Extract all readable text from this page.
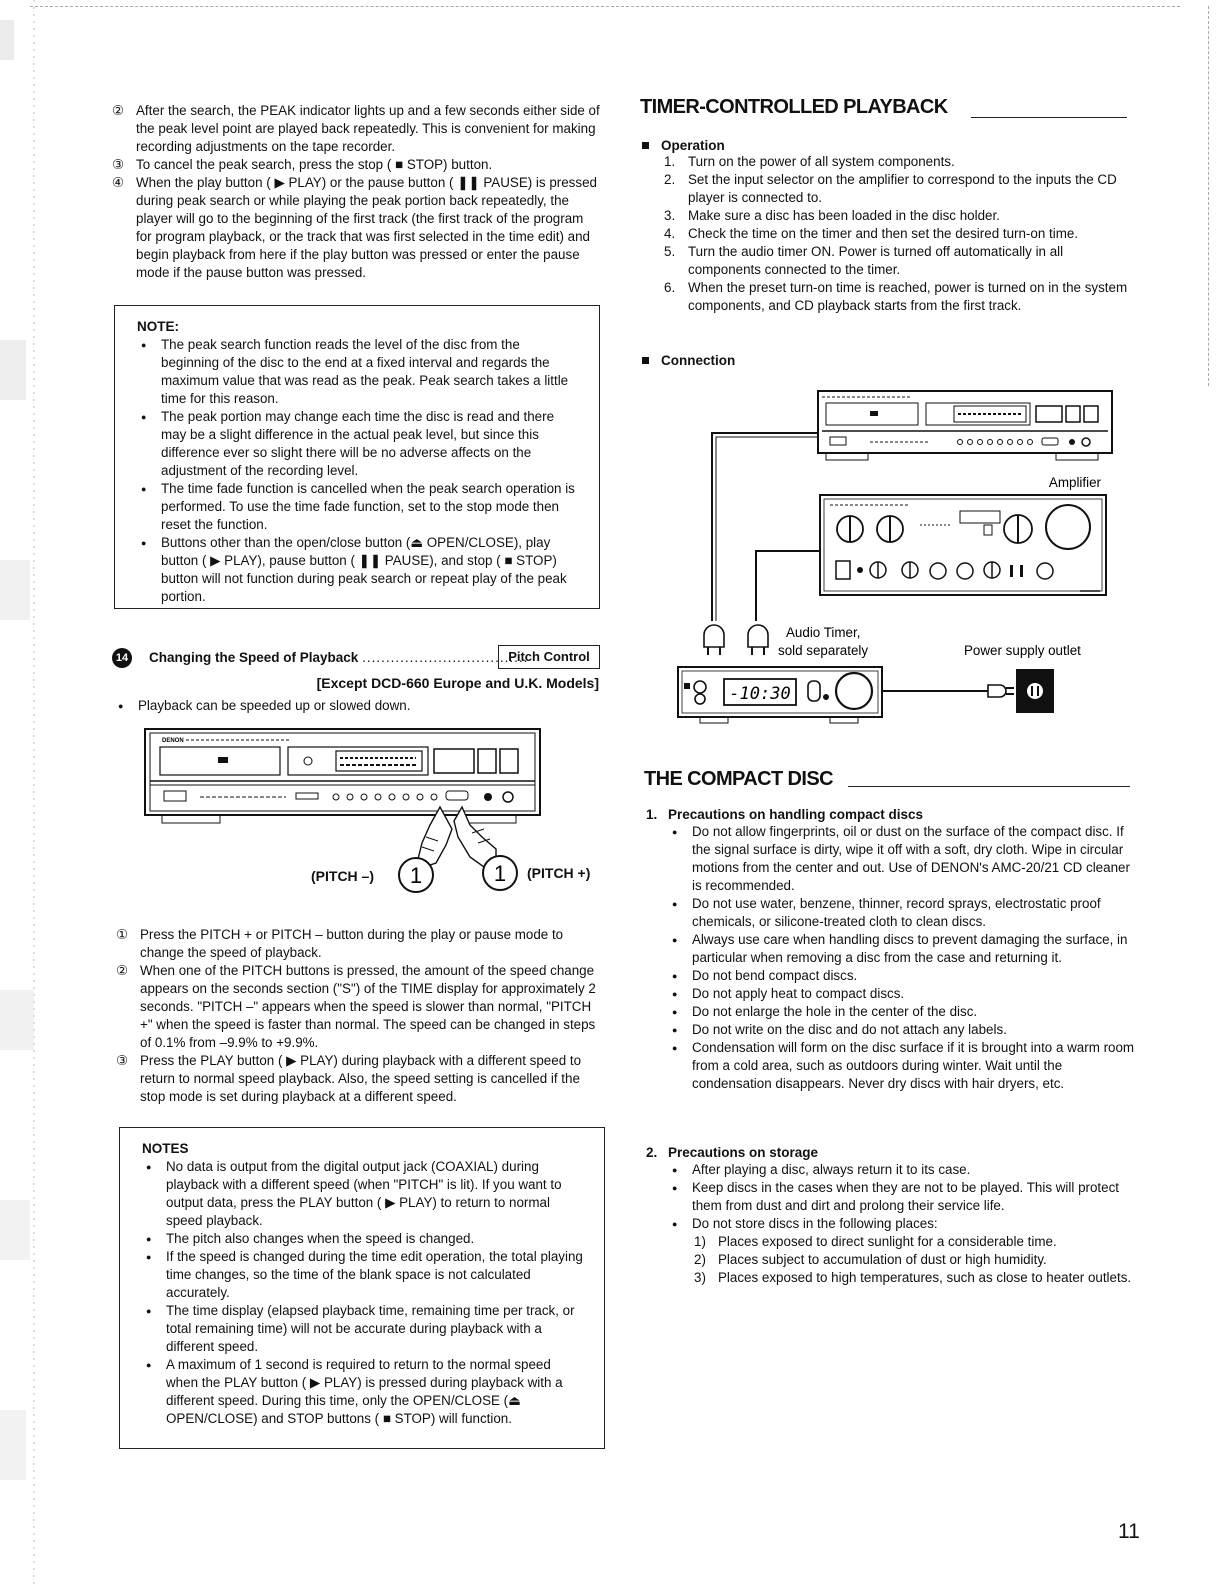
② After the search, the PEAK indicator lights up and a few seconds either side of the peak level point are played back repeatedly. This is convenient for making recording adjustments on the tape recorder.

③ To cancel the peak search, press the stop ( ■ STOP) button.

④ When the play button ( ▶ PLAY) or the pause button ( ❚❚ PAUSE) is pressed during peak search or while playing the peak portion back repeatedly, the player will go to the beginning of the first track (the first track of the program for program playback, or the track that was first selected in the time edit) and begin playback from here if the play button was pressed or enter the pause mode if the pause button was pressed.

NOTE:

● The peak search function reads the level of the disc from the beginning of the disc to the end at a fixed interval and regards the maximum value that was read as the peak. Peak search takes a little time for this reason.

● The peak portion may change each time the disc is read and there may be a slight difference in the actual peak level, but since this difference ever so slight there will be no adverse affects on the adjustment of the recording level.

● The time fade function is cancelled when the peak search operation is performed. To use the time fade function, set to the stop mode then reset the function.

● Buttons other than the open/close button (⏏ OPEN/CLOSE), play button ( ▶ PLAY), pause button ( ❚❚ PAUSE), and stop ( ■ STOP) button will not function during peak search or repeat play of the peak portion.

14 Changing the Speed of Playback ...................................
Pitch Control
[Except DCD-660 Europe and U.K. Models]

● Playback can be speeded up or slowed down.

DENON
1	1
(PITCH –)	(PITCH +)

① Press the PITCH + or PITCH – button during the play or pause mode to change the speed of playback.

② When one of the PITCH buttons is pressed, the amount of the speed change appears on the seconds section ("S") of the TIME display for approximately 2 seconds. "PITCH –" appears when the speed is slower than normal, "PITCH +" when the speed is faster than normal. The speed can be changed in steps of 0.1% from –9.9% to +9.9%.

③ Press the PLAY button ( ▶ PLAY) during playback with a different speed to return to normal speed playback. Also, the speed setting is cancelled if the stop mode is set during playback at a different speed.

NOTES

● No data is output from the digital output jack (COAXIAL) during playback with a different speed (when "PITCH" is lit). If you want to output data, press the PLAY button ( ▶ PLAY) to return to normal speed playback.

● The pitch also changes when the speed is changed.

● If the speed is changed during the time edit operation, the total playing time changes, so the time of the blank space is not calculated accurately.

● The time display (elapsed playback time, remaining time per track, or total remaining time) will not be accurate during playback with a different speed.

● A maximum of 1 second is required to return to the normal speed when the PLAY button ( ▶ PLAY) is pressed during playback with a different speed. During this time, only the OPEN/CLOSE (⏏ OPEN/CLOSE) and STOP buttons ( ■ STOP) will function.

TIMER-CONTROLLED PLAYBACK
Operation

1. Turn on the power of all system components.

2. Set the input selector on the amplifier to correspond to the inputs the CD player is connected to.

3. Make sure a disc has been loaded in the disc holder.

4. Check the time on the timer and then set the desired turn-on time.

5. Turn the audio timer ON. Power is turned off automatically in all components connected to the timer.

6. When the preset turn-on time is reached, power is turned on in the system components, and CD playback starts from the first track.

Connection
Amplifier
Audio Timer,
sold separately	Power supply outlet
-10:30
THE COMPACT DISC
1. Precautions on handling compact discs

● Do not allow fingerprints, oil or dust on the surface of the compact disc. If the signal surface is dirty, wipe it off with a soft, dry cloth. Wipe in circular motions from the center and out. Use of DENON's AMC-20/21 CD cleaner is recommended.

● Do not use water, benzene, thinner, record sprays, electrostatic proof chemicals, or silicone-treated cloth to clean discs.

● Always use care when handling discs to prevent damaging the surface, in particular when removing a disc from the case and returning it.

● Do not bend compact discs.

● Do not apply heat to compact discs.

● Do not enlarge the hole in the center of the disc.

● Do not write on the disc and do not attach any labels.

● Condensation will form on the disc surface if it is brought into a warm room from a cold area, such as outdoors during winter. Wait until the condensation disappears. Never dry discs with hair dryers, etc.

2. Precautions on storage

● After playing a disc, always return it to its case.

● Keep discs in the cases when they are not to be played. This will protect them from dust and dirt and prolong their service life.

● Do not store discs in the following places:

1) Places exposed to direct sunlight for a considerable time.

2) Places subject to accumulation of dust or high humidity.

3) Places exposed to high temperatures, such as close to heater outlets.

11
